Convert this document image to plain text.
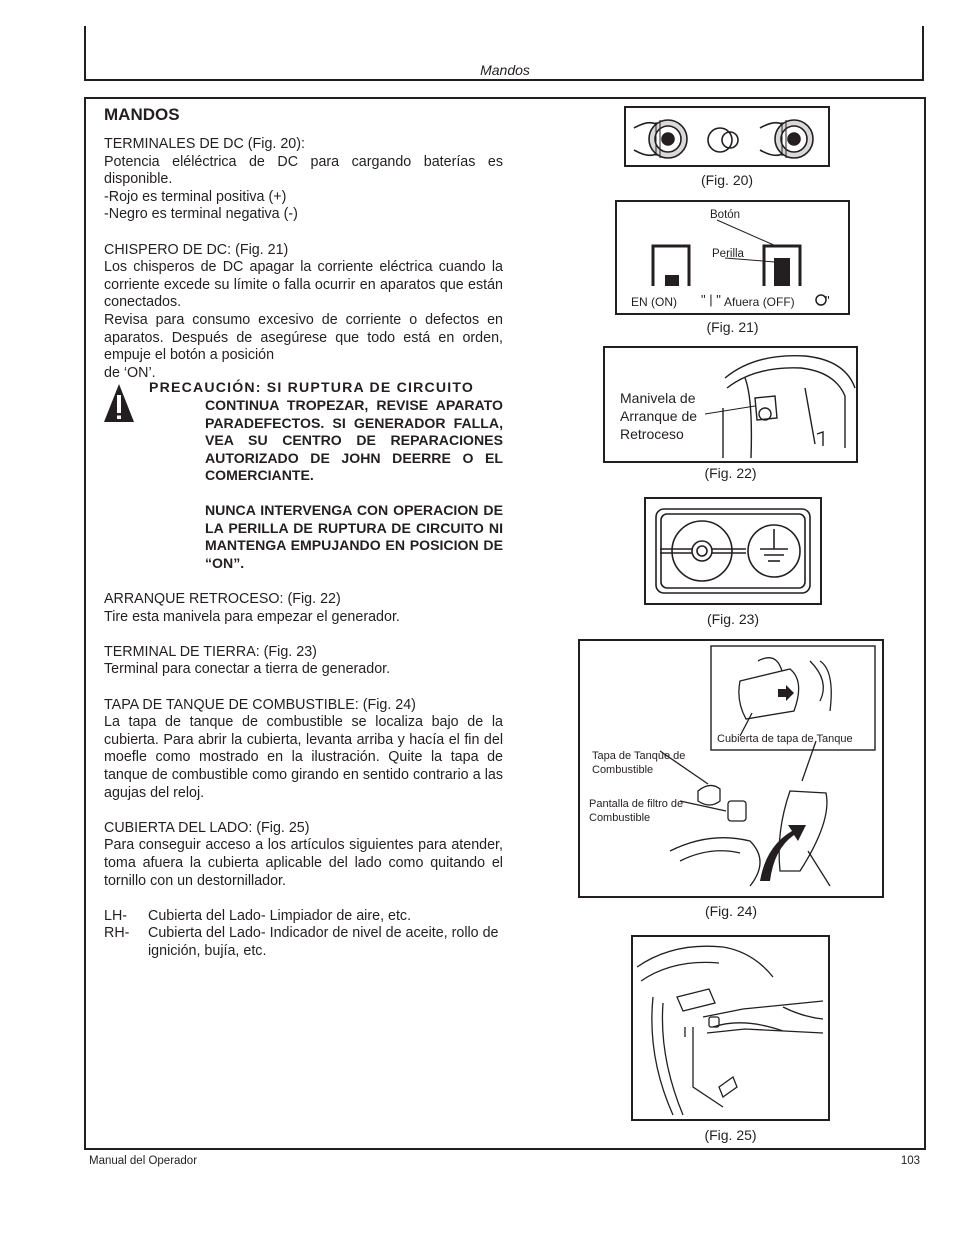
Mandos
MANDOS

TERMINALES DE DC (Fig. 20):

Potencia eléléctrica de DC para cargando baterías es disponible.

-Rojo es terminal positiva (+)

-Negro es terminal negativa (-)

CHISPERO DE DC: (Fig. 21)

Los chisperos de DC apagar la corriente eléctrica cuando la corriente excede su límite o falla ocurrir en aparatos que están conectados.

Revisa para consumo excesivo de corriente o defectos en aparatos. Después de asegúrese que todo está en orden, empuje el botón a posición

de ‘ON’.

PRECAUCIÓN: SI RUPTURA DE CIRCUITO
CONTINUA TROPEZAR, REVISE APARATO PARADEFECTOS. SI GENERADOR FALLA, VEA SU CENTRO DE REPARACIONES AUTORIZADO DE JOHN DEERRE O EL COMERCIANTE.
NUNCA INTERVENGA CON OPERACION DE LA PERILLA DE RUPTURA DE CIRCUITO NI MANTENGA EMPUJANDO EN POSICION DE “ON”.

ARRANQUE RETROCESO: (Fig. 22)

Tire esta manivela para empezar el generador.

TERMINAL DE TIERRA: (Fig. 23)

Terminal para conectar a tierra de generador.

TAPA DE TANQUE DE COMBUSTIBLE: (Fig. 24)

La tapa de tanque de combustible se localiza bajo de la cubierta. Para abrir la cubierta, levanta arriba y hacía el fin del moefle como mostrado en la ilustración. Quite la tapa de tanque de combustible como girando en sentido contrario a las agujas del reloj.

CUBIERTA DEL LADO: (Fig. 25)

Para conseguir acceso a los artículos siguientes para atender, toma afuera la cubierta aplicable del lado como quitando el tornillo con un destornillador.

LH-	Cubierta del Lado- Limpiador de aire, etc.
RH-	Cubierta del Lado- Indicador de nivel de aceite, rollo de ignición, bujía, etc.
(Fig. 20)
"
" | "
Botón
Perilla
EN (ON)	Afuera (OFF)
(Fig. 21)
Manivela de Arranque de Retroceso
(Fig. 22)
(Fig. 23)
Cubierta de tapa de Tanque
Tapa de Tanque de Combustible
Pantalla de filtro de Combustible
(Fig. 24)
(Fig. 25)
Manual del Operador	103
